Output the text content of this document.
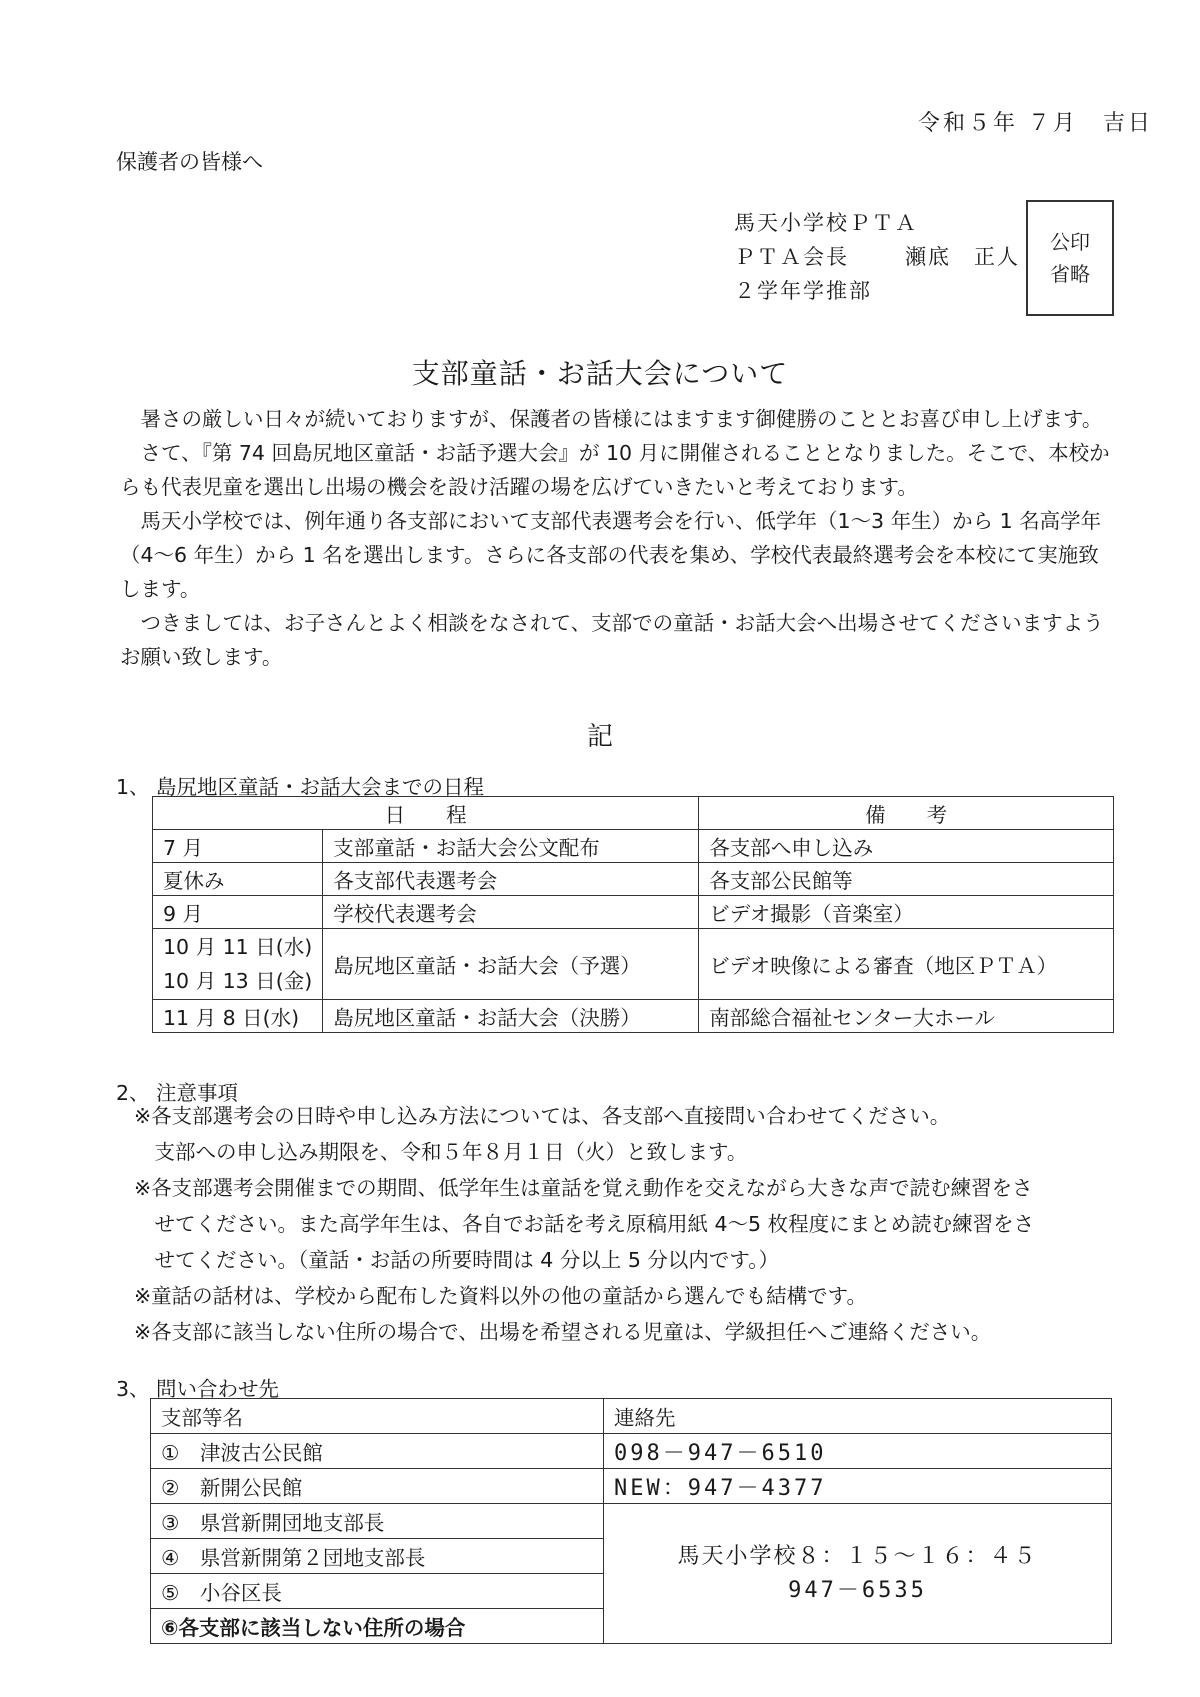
令和５年 ７月　吉日
保護者の皆様へ
馬天小学校ＰＴＡ
ＰＴＡ会長	瀬底　正人
２学年学推部
公印
省略
支部童話・お話大会について

暑さの厳しい日々が続いておりますが、保護者の皆様にはますます御健勝のこととお喜び申し上げます。

さて、『第 74 回島尻地区童話・お話予選大会』が 10 月に開催されることとなりました。そこで、本校からも代表児童を選出し出場の機会を設け活躍の場を広げていきたいと考えております。

馬天小学校では、例年通り各支部において支部代表選考会を行い、低学年（1～3 年生）から 1 名高学年（4～6 年生）から 1 名を選出します。さらに各支部の代表を集め、学校代表最終選考会を本校にて実施致します。

つきましては、お子さんとよく相談をなされて、支部での童話・お話大会へ出場させてくださいますようお願い致します。

記
1、 島尻地区童話・お話大会までの日程
日　　程		備　　考
7 月	支部童話・お話大会公文配布	各支部へ申し込み
夏休み	各支部代表選考会	各支部公民館等
9 月	学校代表選考会	ビデオ撮影（音楽室）

10 月 11 日(水)
10 月 13 日(金)	島尻地区童話・お話大会（予選）	ビデオ映像による審査（地区ＰＴＡ）
11 月 8 日(水)	島尻地区童話・お話大会（決勝）	南部総合福祉センター大ホール
2、 注意事項
※各支部選考会の日時や申し込み方法については、各支部へ直接問い合わせてください。
　支部への申し込み期限を、令和５年８月１日（火）と致します。
※各支部選考会開催までの期間、低学年生は童話を覚え動作を交えながら大きな声で読む練習をさ
　せてください。また高学年生は、各自でお話を考え原稿用紙 4～5 枚程度にまとめ読む練習をさ
　せてください。（童話・お話の所要時間は 4 分以上 5 分以内です。）
※童話の話材は、学校から配布した資料以外の他の童話から選んでも結構です。
※各支部に該当しない住所の場合で、出場を希望される児童は、学級担任へご連絡ください。
3、 問い合わせ先
支部等名	連絡先
①　津波古公民館	098－947－6510
②　新開公民館	NEW：947－4377
③　県営新開団地支部長	馬天小学校８：１５～１６：４５
947－6535

④　県営新開第２団地支部長	
⑤　小谷区長	
⑥各支部に該当しない住所の場合	
